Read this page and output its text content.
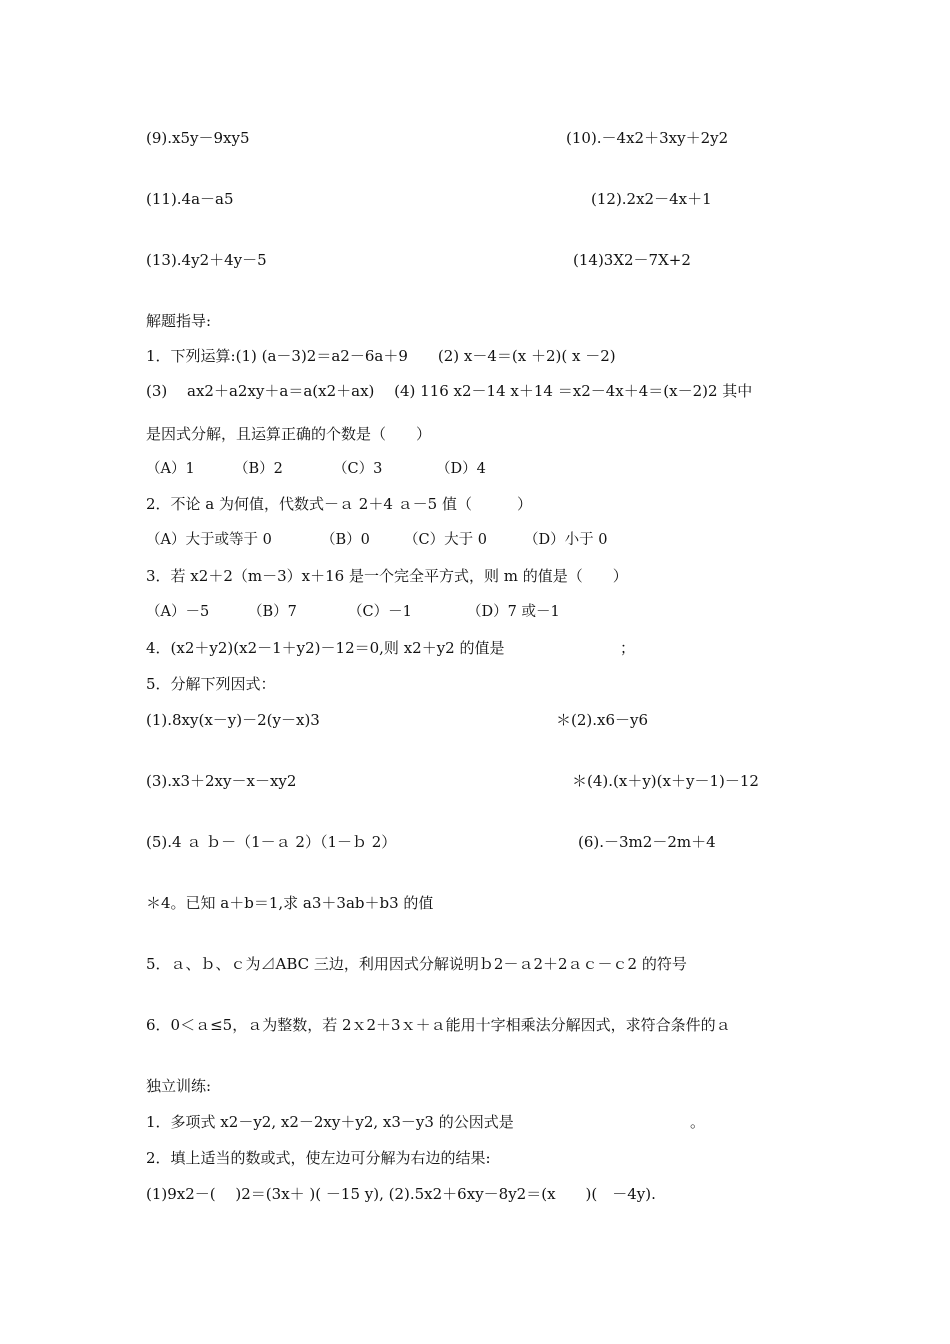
(9).x5y－9xy5	(10).－4x2＋3xy＋2y2
(11).4a－a5	(12).2x2－4x＋1
(13).4y2＋4y－5	(14)3X2－7X+2
解题指导:
1．下列运算:(1) (a－3)2＝a2－6a＋9　　(2) x－4＝(x ＋2)( x －2)
(3)　 ax2＋a2xy＋a＝a(x2＋ax)　 (4) 116 x2－14 x＋14 ＝x2－4x＋4＝(x－2)2 其中
是因式分解，且运算正确的个数是（　　）
（A）1	（B）2	（C）3	（D）4
2．不论 a 为何值，代数式－ａ 2＋4 ａ－5 值（　　　）
（A）大于或等于 0	（B）0 （C）大于 0	（D）小于 0
3．若 x2＋2（m－3）x＋16 是一个完全平方式，则 m 的值是（　　）
（A）－5	（B）7	（C）－1	（D）7 或－1
4．(x2＋y2)(x2－1＋y2)－12＝0,则 x2＋y2 的值是	；
5．分解下列因式：
(1).8xy(x－y)－2(y－x)3	＊(2).x6－y6
(3).x3＋2xy－x－xy2	＊(4).(x＋y)(x＋y－1)－12
(5).4 ａ ｂ－（1－ａ 2）（1－ｂ 2）	(6).－3m2－2m＋4
＊4。已知 a＋b＝1,求 a3＋3ab＋b3 的值
5．ａ、ｂ、ｃ为⊿ABC 三边，利用因式分解说明ｂ2－ａ2＋2ａｃ－ｃ2 的符号
6．0＜ａ≤5，ａ为整数，若 2ｘ2＋3ｘ＋ａ能用十字相乘法分解因式，求符合条件的ａ
独立训练:
1．多项式 x2－y2, x2－2xy＋y2, x3－y3 的公因式是	。
2．填上适当的数或式，使左边可分解为右边的结果:
(1)9x2－(　 )2＝(3x＋ )( －15 y), (2).5x2＋6xy－8y2＝(x　　)(　－4y).
